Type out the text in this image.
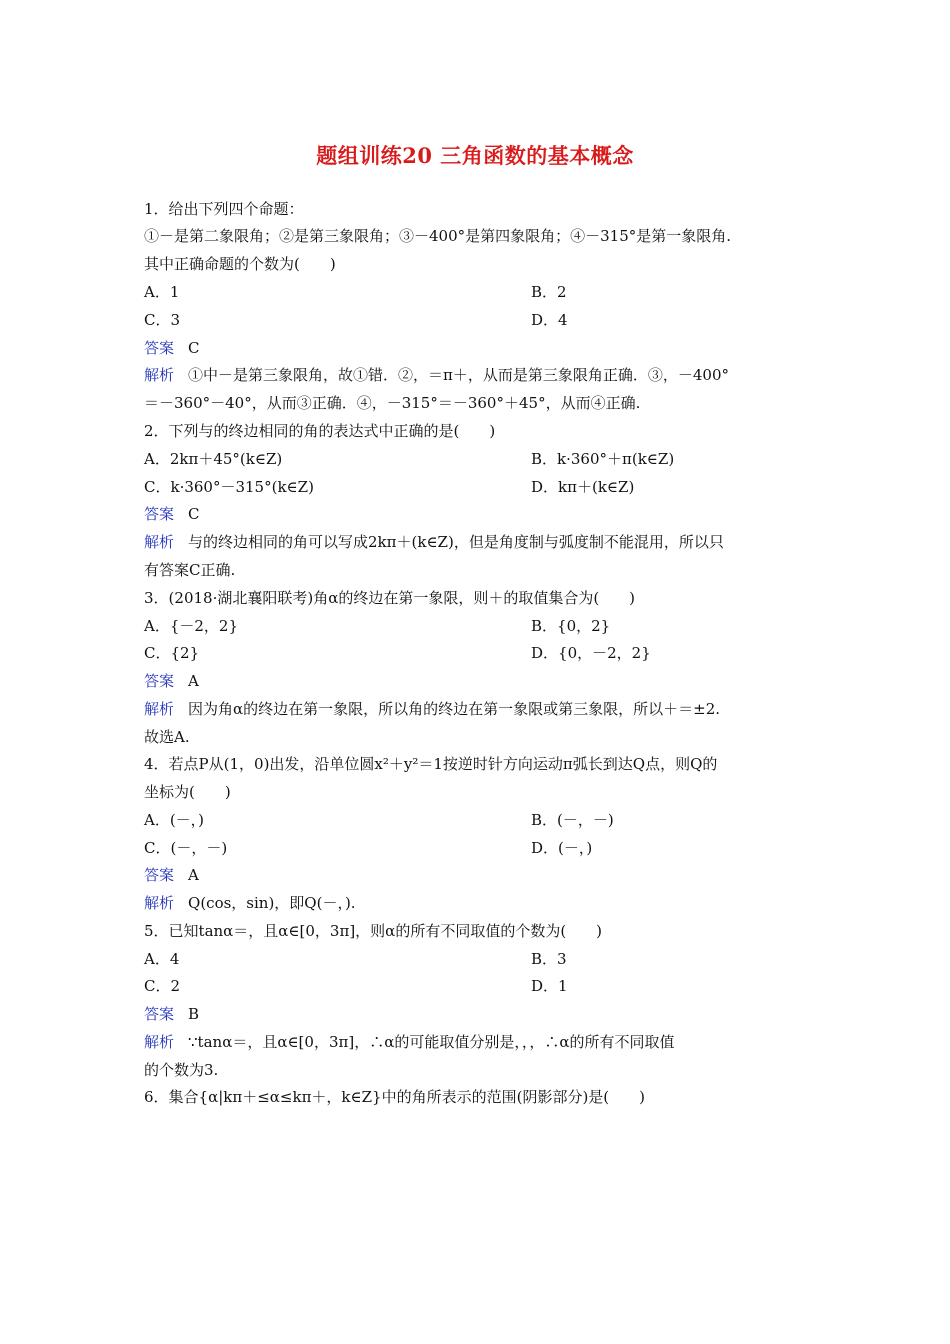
题组训练20 三角函数的基本概念
1．给出下列四个命题：
①－是第二象限角；②是第三象限角；③－400°是第四象限角；④－315°是第一象限角.
其中正确命题的个数为(　　)
A．1	B．2
C．3	D．4
答案 C
解析 ①中－是第三象限角，故①错．②，＝π＋，从而是第三象限角正确．③，－400°
＝－360°－40°，从而③正确．④，－315°＝－360°＋45°，从而④正确.
2．下列与的终边相同的角的表达式中正确的是(　　)
A．2kπ＋45°(k∈Z)	B．k·360°＋π(k∈Z)
C．k·360°－315°(k∈Z)	D．kπ＋(k∈Z)
答案 C
解析 与的终边相同的角可以写成2kπ＋(k∈Z)，但是角度制与弧度制不能混用，所以只
有答案C正确.
3．(2018·湖北襄阳联考)角α的终边在第一象限，则＋的取值集合为(　　)
A．{－2，2}	B．{0，2}
C．{2}	D．{0，－2，2}
答案 A
解析 因为角α的终边在第一象限，所以角的终边在第一象限或第三象限，所以＋＝±2.
故选A.
4．若点P从(1，0)出发，沿单位圆x²＋y²＝1按逆时针方向运动π弧长到达Q点，则Q的
坐标为(　　)
A．(－，)	B．(－，－)
C．(－，－)	D．(－，)
答案 A
解析 Q(cos，sin)，即Q(－，).
5．已知tanα＝，且α∈[0，3π]，则α的所有不同取值的个数为(　　)
A．4	B．3
C．2	D．1
答案 B
解析 ∵tanα＝，且α∈[0，3π]，∴α的可能取值分别是，，，∴α的所有不同取值
的个数为3.
6．集合{α|kπ＋≤α≤kπ＋，k∈Z}中的角所表示的范围(阴影部分)是(　　)
